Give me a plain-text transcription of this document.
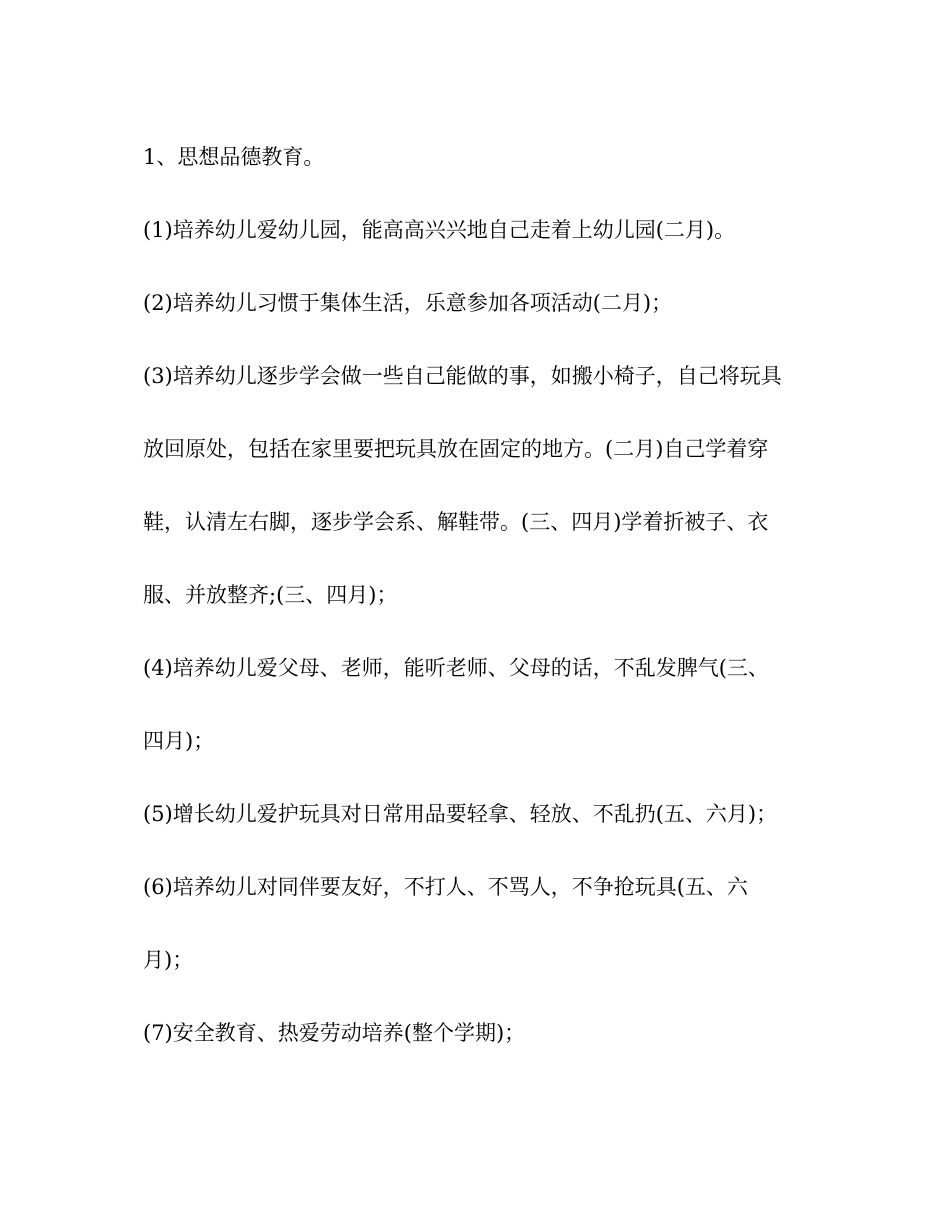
1、思想品德教育。
(1)培养幼儿爱幼儿园，能高高兴兴地自己走着上幼儿园(二月)。
(2)培养幼儿习惯于集体生活，乐意参加各项活动(二月)；
(3)培养幼儿逐步学会做一些自己能做的事，如搬小椅子，自己将玩具
放回原处，包括在家里要把玩具放在固定的地方。(二月)自己学着穿
鞋，认清左右脚，逐步学会系、解鞋带。(三、四月)学着折被子、衣
服、并放整齐;(三、四月)；
(4)培养幼儿爱父母、老师，能听老师、父母的话，不乱发脾气(三、
四月)；
(5)增长幼儿爱护玩具对日常用品要轻拿、轻放、不乱扔(五、六月)；
(6)培养幼儿对同伴要友好，不打人、不骂人，不争抢玩具(五、六
月)；
(7)安全教育、热爱劳动培养(整个学期)；
